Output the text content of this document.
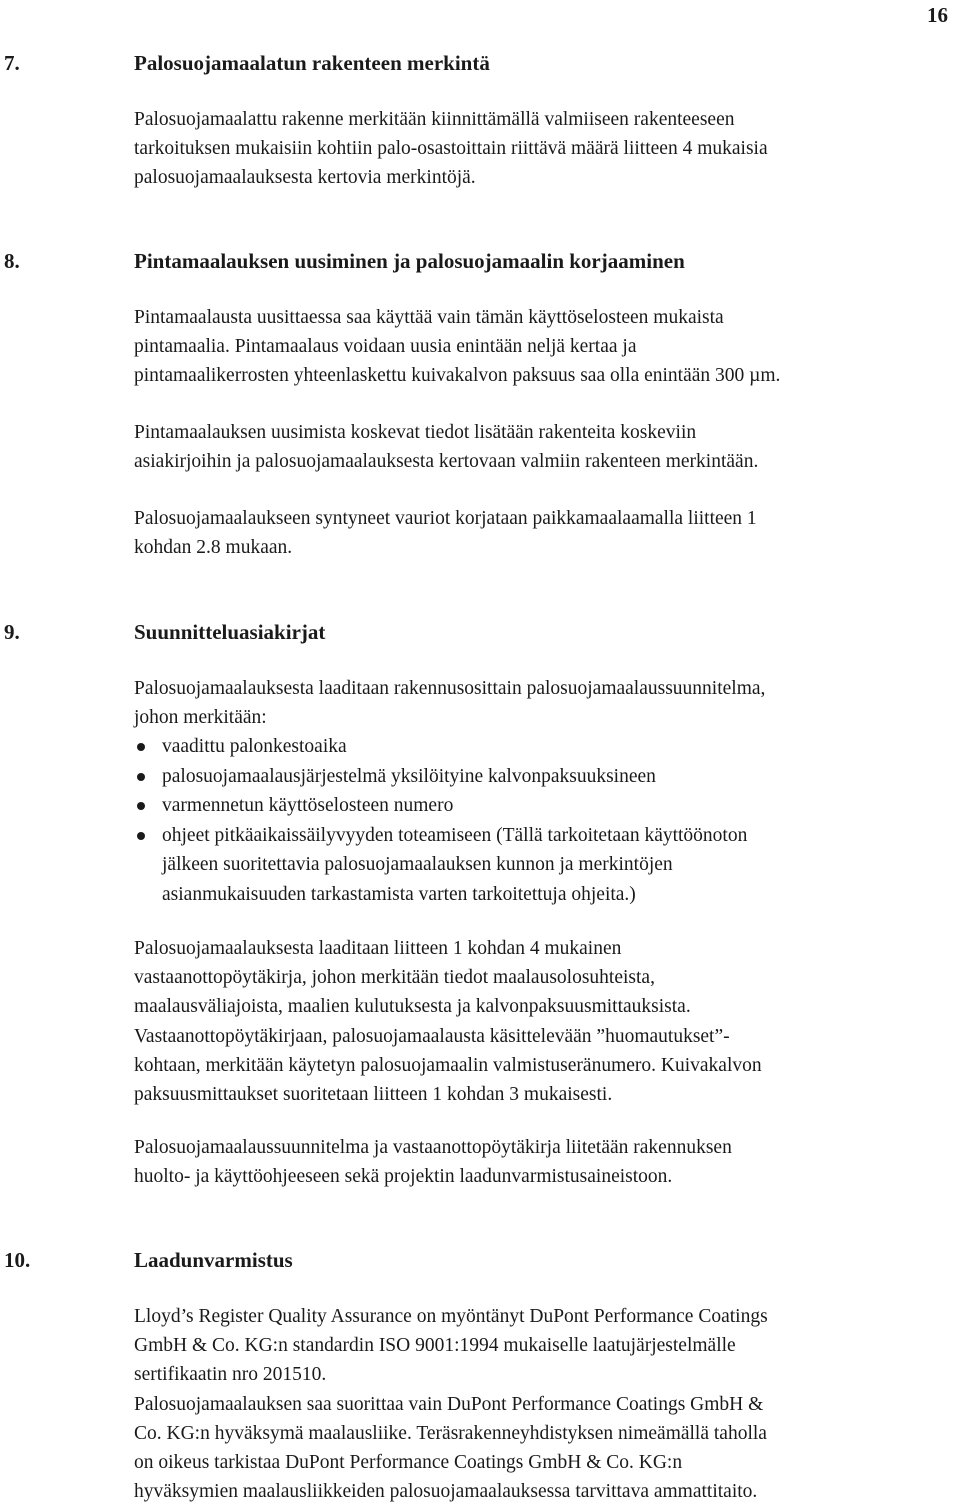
16
7.	Palosuojamaalatun rakenteen merkintä

Palosuojamaalattu rakenne merkitään kiinnittämällä valmiiseen rakenteeseen
tarkoituksen mukaisiin kohtiin palo-osastoittain riittävä määrä liitteen 4 mukaisia
palosuojamaalauksesta kertovia merkintöjä.

8.	Pintamaalauksen uusiminen ja palosuojamaalin korjaaminen

Pintamaalausta uusittaessa saa käyttää vain tämän käyttöselosteen mukaista
pintamaalia. Pintamaalaus voidaan uusia enintään neljä kertaa ja
pintamaalikerrosten yhteenlaskettu kuivakalvon paksuus saa olla enintään 300 µm.

Pintamaalauksen uusimista koskevat tiedot lisätään rakenteita koskeviin
asiakirjoihin ja palosuojamaalauksesta kertovaan valmiin rakenteen merkintään.

Palosuojamaalaukseen syntyneet vauriot korjataan paikkamaalaamalla liitteen 1
kohdan 2.8 mukaan.

9.	Suunnitteluasiakirjat

Palosuojamaalauksesta laaditaan rakennusosittain palosuojamaalaussuunnitelma,
johon merkitään:

vaadittu palonkestoaika
palosuojamaalausjärjestelmä yksilöityine kalvonpaksuuksineen
varmennetun käyttöselosteen numero
ohjeet pitkäaikaissäilyvyyden toteamiseen (Tällä tarkoitetaan käyttöönoton
jälkeen suoritettavia palosuojamaalauksen kunnon ja merkintöjen
asianmukaisuuden tarkastamista varten tarkoitettuja ohjeita.)

Palosuojamaalauksesta laaditaan liitteen 1 kohdan 4 mukainen
vastaanottopöytäkirja, johon merkitään tiedot maalausolosuhteista,
maalausväliajoista, maalien kulutuksesta ja kalvonpaksuusmittauksista.
Vastaanottopöytäkirjaan, palosuojamaalausta käsittelevään ”huomautukset”-
kohtaan, merkitään käytetyn palosuojamaalin valmistuseränumero. Kuivakalvon
paksuusmittaukset suoritetaan liitteen 1 kohdan 3 mukaisesti.

Palosuojamaalaussuunnitelma ja vastaanottopöytäkirja liitetään rakennuksen
huolto- ja käyttöohjeeseen sekä projektin laadunvarmistusaineistoon.

10.	Laadunvarmistus

Lloyd’s Register Quality Assurance on myöntänyt DuPont Performance Coatings
GmbH & Co. KG:n standardin ISO 9001:1994 mukaiselle laatujärjestelmälle
sertifikaatin nro 201510.
Palosuojamaalauksen saa suorittaa vain DuPont Performance Coatings GmbH &
Co. KG:n hyväksymä maalausliike. Teräsrakenneyhdistyksen nimeämällä taholla
on oikeus tarkistaa DuPont Performance Coatings GmbH & Co. KG:n
hyväksymien maalausliikkeiden palosuojamaalauksessa tarvittava ammattitaito.
